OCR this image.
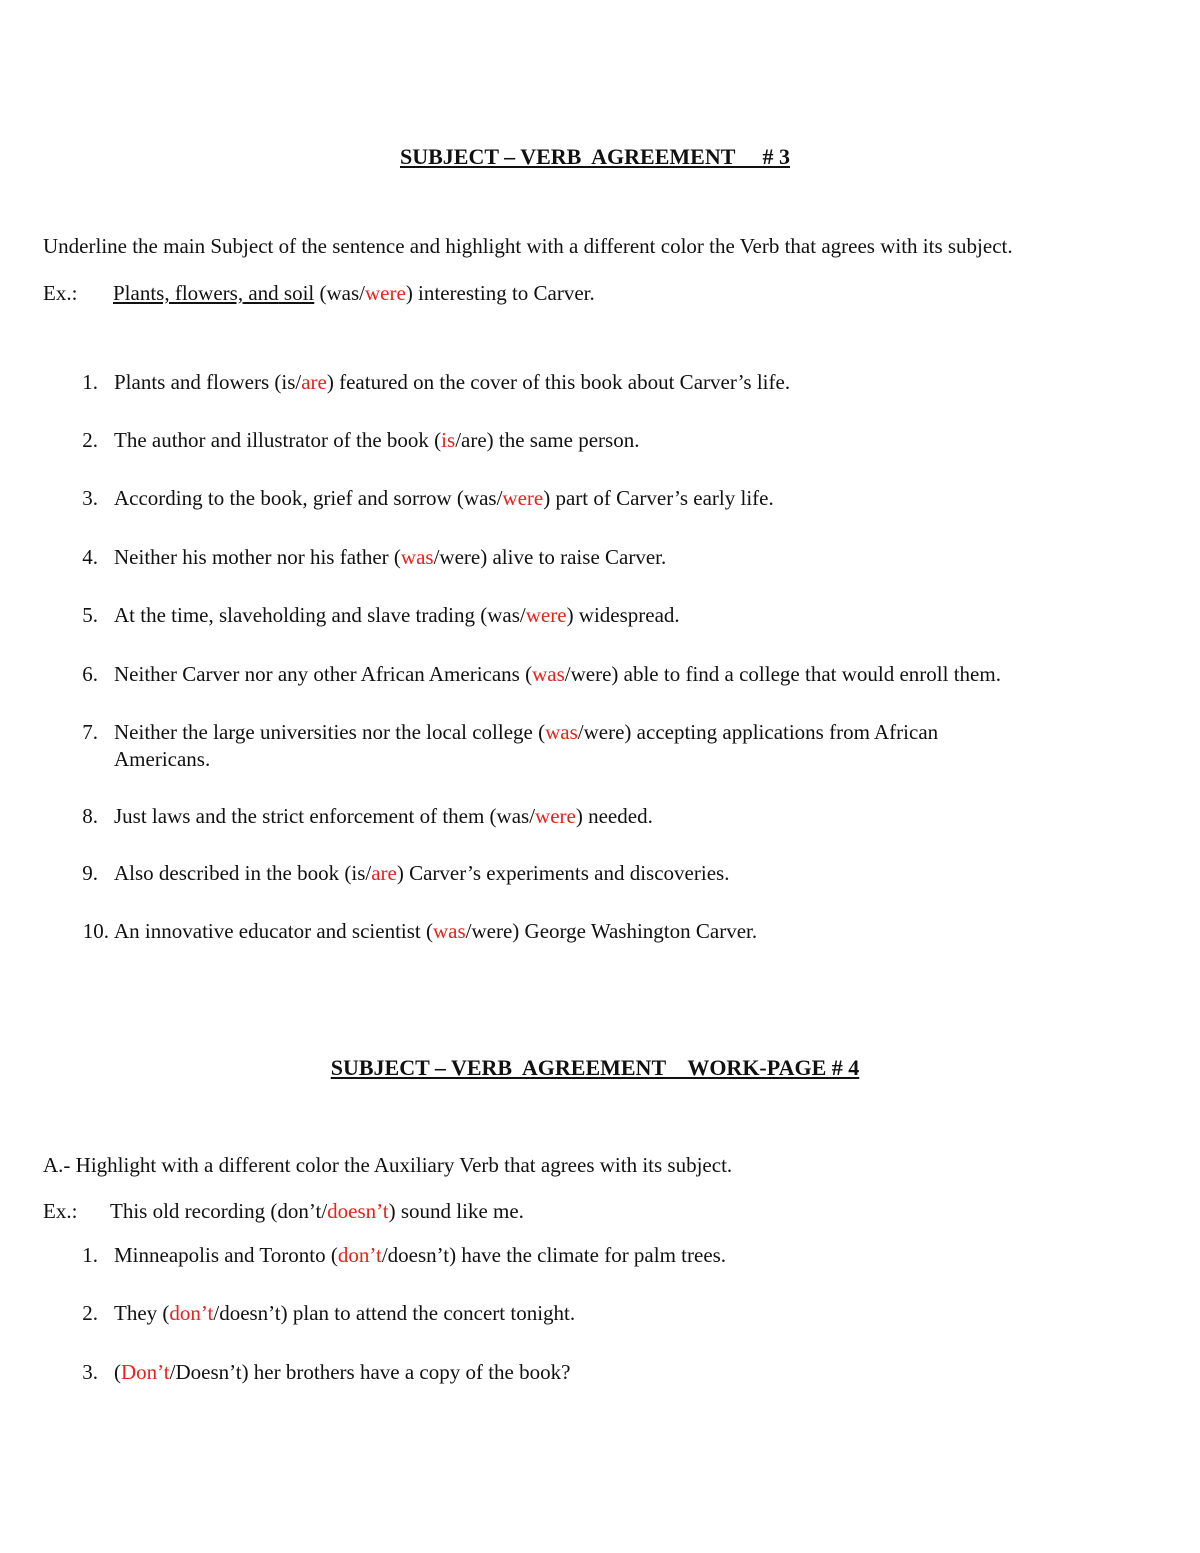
SUBJECT – VERB  AGREEMENT     # 3
Underline the main Subject of the sentence and highlight with a different color the Verb that agrees with its subject.
Ex.: Plants, flowers, and soil (was/were) interesting to Carver.
1. Plants and flowers (is/are) featured on the cover of this book about Carver’s life.
2. The author and illustrator of the book (is/are) the same person.
3. According to the book, grief and sorrow (was/were) part of Carver’s early life.
4. Neither his mother nor his father (was/were) alive to raise Carver.
5. At the time, slaveholding and slave trading (was/were) widespread.
6. Neither Carver nor any other African Americans (was/were) able to find a college that would enroll them.
7. Neither the large universities nor the local college (was/were) accepting applications from African
Americans.
8. Just laws and the strict enforcement of them (was/were) needed.
9. Also described in the book (is/are) Carver’s experiments and discoveries.
10. An innovative educator and scientist (was/were) George Washington Carver.
SUBJECT – VERB  AGREEMENT    WORK-PAGE # 4
A.- Highlight with a different color the Auxiliary Verb that agrees with its subject.
Ex.: This old recording (don’t/doesn’t) sound like me.
1. Minneapolis and Toronto (don’t/doesn’t) have the climate for palm trees.
2. They (don’t/doesn’t) plan to attend the concert tonight.
3. (Don’t/Doesn’t) her brothers have a copy of the book?
